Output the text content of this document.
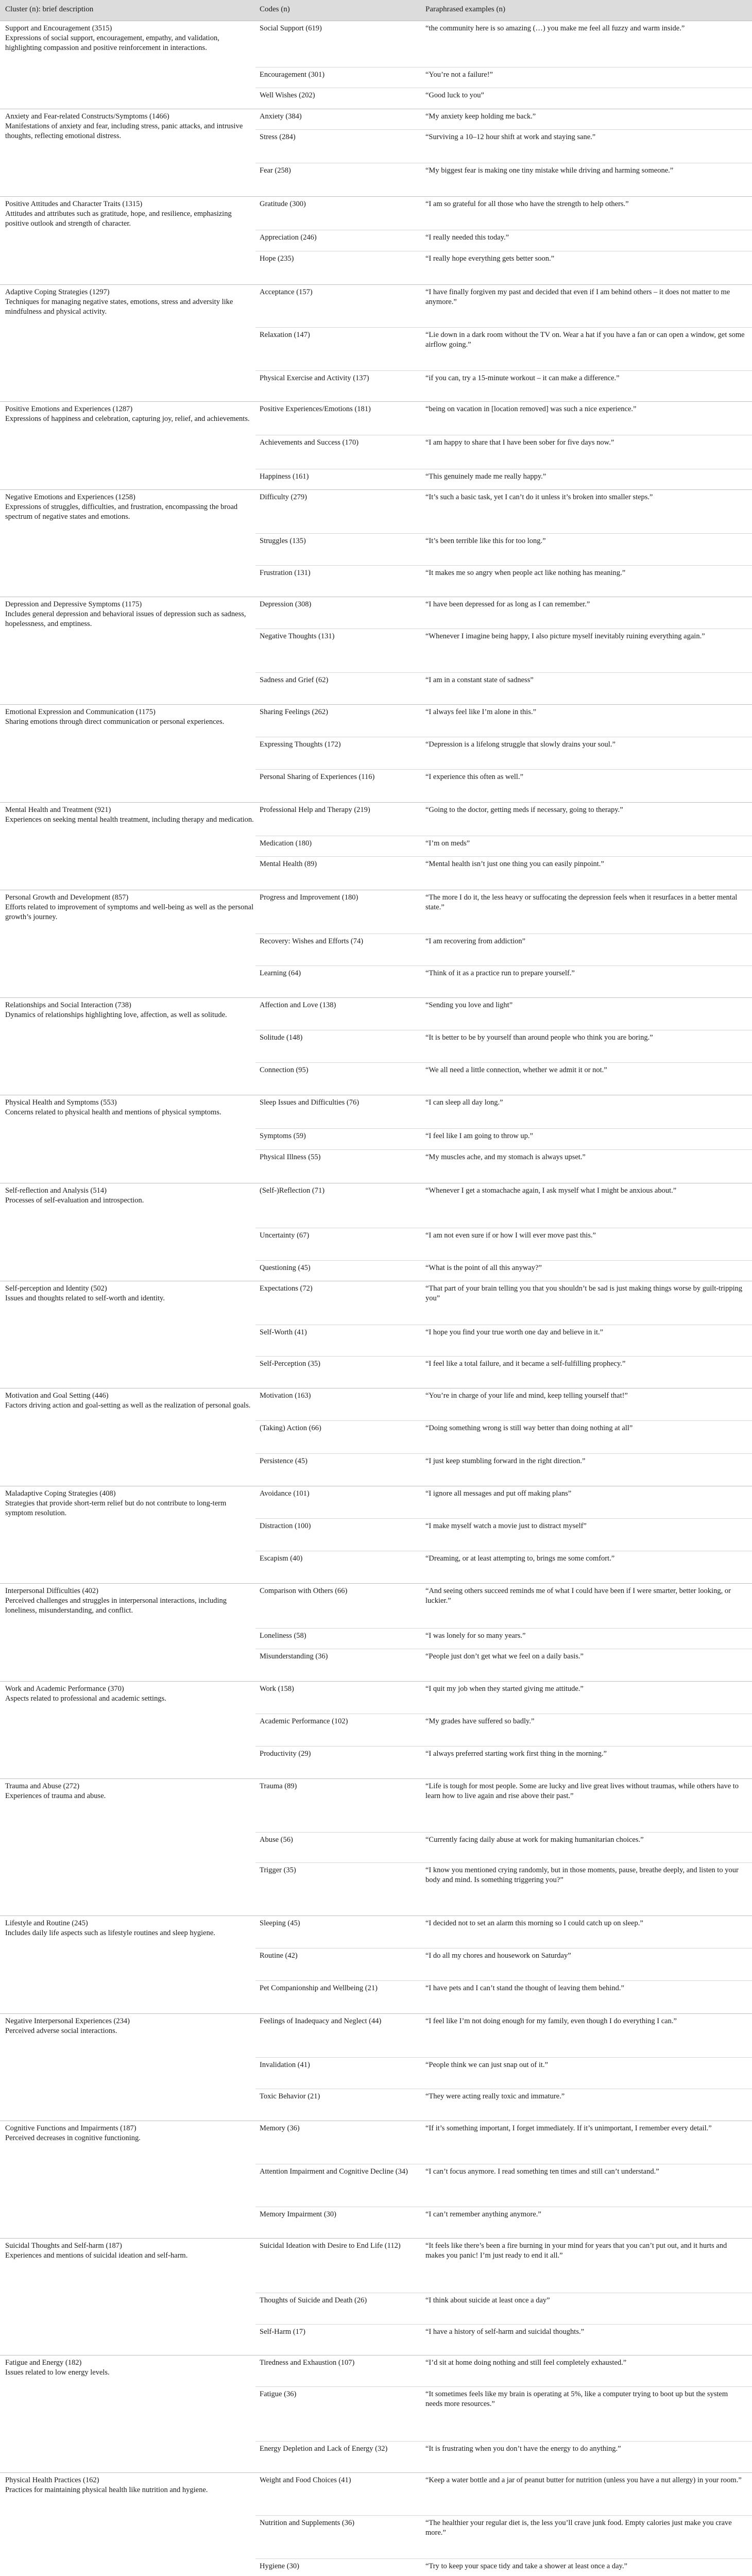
Cluster (n): brief description	Codes (n)	Paraphrased examples (n)
Support and Encouragement (3515)
Expressions of social support, encouragement, empathy, and validation, highlighting compassion and positive reinforcement in interactions.
Social Support (619)	“the community here is so amazing (…) you make me feel all fuzzy and warm inside.”
Encouragement (301)	“You’re not a failure!”
Well Wishes (202)	“Good luck to you”
Anxiety and Fear-related Constructs/Symptoms (1466)
Manifestations of anxiety and fear, including stress, panic attacks, and intrusive thoughts, reflecting emotional distress.
Anxiety (384)	“My anxiety keep holding me back.”
Stress (284)	“Surviving a 10–12 hour shift at work and staying sane.”
Fear (258)	“My biggest fear is making one tiny mistake while driving and harming someone.”
Positive Attitudes and Character Traits (1315)
Attitudes and attributes such as gratitude, hope, and resilience, emphasizing positive outlook and strength of character.
Gratitude (300)	“I am so grateful for all those who have the strength to help others.”
Appreciation (246)	“I really needed this today.”
Hope (235)	“I really hope everything gets better soon.”
Adaptive Coping Strategies (1297)
Techniques for managing negative states, emotions, stress and adversity like mindfulness and physical activity.
Acceptance (157)	“I have finally forgiven my past and decided that even if I am behind others – it does not matter to me anymore.”
Relaxation (147)	“Lie down in a dark room without the TV on. Wear a hat if you have a fan or can open a window, get some airflow going.”
Physical Exercise and Activity (137)	“if you can, try a 15-minute workout – it can make a difference.”
Positive Emotions and Experiences (1287)
Expressions of happiness and celebration, capturing joy, relief, and achievements.
Positive Experiences/Emotions (181)	“being on vacation in [location removed] was such a nice experience.”
Achievements and Success (170)	“I am happy to share that I have been sober for five days now.”
Happiness (161)	“This genuinely made me really happy.”
Negative Emotions and Experiences (1258)
Expressions of struggles, difficulties, and frustration, encompassing the broad spectrum of negative states and emotions.
Difficulty (279)	“It’s such a basic task, yet I can’t do it unless it’s broken into smaller steps.”
Struggles (135)	“It’s been terrible like this for too long.”
Frustration (131)	“It makes me so angry when people act like nothing has meaning.”
Depression and Depressive Symptoms (1175)
Includes general depression and behavioral issues of depression such as sadness, hopelessness, and emptiness.
Depression (308)	“I have been depressed for as long as I can remember.”
Negative Thoughts (131)	“Whenever I imagine being happy, I also picture myself inevitably ruining everything again.”
Sadness and Grief (62)	“I am in a constant state of sadness”
Emotional Expression and Communication (1175)
Sharing emotions through direct communication or personal experiences.
Sharing Feelings (262)	“I always feel like I’m alone in this.”
Expressing Thoughts (172)	“Depression is a lifelong struggle that slowly drains your soul.”
Personal Sharing of Experiences (116)	“I experience this often as well.”
Mental Health and Treatment (921)
Experiences on seeking mental health treatment, including therapy and medication.
Professional Help and Therapy (219)	“Going to the doctor, getting meds if necessary, going to therapy.”
Medication (180)	“I’m on meds”
Mental Health (89)	“Mental health isn’t just one thing you can easily pinpoint.”
Personal Growth and Development (857)
Efforts related to improvement of symptoms and well-being as well as the personal growth’s journey.
Progress and Improvement (180)	“The more I do it, the less heavy or suffocating the depression feels when it resurfaces in a better mental state.”
Recovery: Wishes and Efforts (74)	“I am recovering from addiction”
Learning (64)	“Think of it as a practice run to prepare yourself.”
Relationships and Social Interaction (738)
Dynamics of relationships highlighting love, affection, as well as solitude.
Affection and Love (138)	“Sending you love and light”
Solitude (148)	“It is better to be by yourself than around people who think you are boring.”
Connection (95)	“We all need a little connection, whether we admit it or not.”
Physical Health and Symptoms (553)
Concerns related to physical health and mentions of physical symptoms.
Sleep Issues and Difficulties (76)	“I can sleep all day long.”
Symptoms (59)	“I feel like I am going to throw up.”
Physical Illness (55)	“My muscles ache, and my stomach is always upset.”
Self-reflection and Analysis (514)
Processes of self-evaluation and introspection.
(Self-)Reflection (71)	“Whenever I get a stomachache again, I ask myself what I might be anxious about.”
Uncertainty (67)	“I am not even sure if or how I will ever move past this.”
Questioning (45)	“What is the point of all this anyway?”
Self-perception and Identity (502)
Issues and thoughts related to self-worth and identity.
Expectations (72)	“That part of your brain telling you that you shouldn’t be sad is just making things worse by guilt-tripping you”
Self-Worth (41)	“I hope you find your true worth one day and believe in it.”
Self-Perception (35)	“I feel like a total failure, and it became a self-fulfilling prophecy.”
Motivation and Goal Setting (446)
Factors driving action and goal-setting as well as the realization of personal goals.
Motivation (163)	“You’re in charge of your life and mind, keep telling yourself that!”
(Taking) Action (66)	“Doing something wrong is still way better than doing nothing at all”
Persistence (45)	“I just keep stumbling forward in the right direction.”
Maladaptive Coping Strategies (408)
Strategies that provide short-term relief but do not contribute to long-term symptom resolution.
Avoidance (101)	“I ignore all messages and put off making plans”
Distraction (100)	“I make myself watch a movie just to distract myself”
Escapism (40)	“Dreaming, or at least attempting to, brings me some comfort.”
Interpersonal Difficulties (402)
Perceived challenges and struggles in interpersonal interactions, including loneliness, misunderstanding, and conflict.
Comparison with Others (66)	“And seeing others succeed reminds me of what I could have been if I were smarter, better looking, or luckier.”
Loneliness (58)	“I was lonely for so many years.”
Misunderstanding (36)	“People just don’t get what we feel on a daily basis.”
Work and Academic Performance (370)
Aspects related to professional and academic settings.
Work (158)	“I quit my job when they started giving me attitude.”
Academic Performance (102)	“My grades have suffered so badly.”
Productivity (29)	“I always preferred starting work first thing in the morning.”
Trauma and Abuse (272)
Experiences of trauma and abuse.
Trauma (89)	“Life is tough for most people. Some are lucky and live great lives without traumas, while others have to learn how to live again and rise above their past.”
Abuse (56)	“Currently facing daily abuse at work for making humanitarian choices.”
Trigger (35)	“I know you mentioned crying randomly, but in those moments, pause, breathe deeply, and listen to your body and mind. Is something triggering you?”
Lifestyle and Routine (245)
Includes daily life aspects such as lifestyle routines and sleep hygiene.
Sleeping (45)	“I decided not to set an alarm this morning so I could catch up on sleep.”
Routine (42)	“I do all my chores and housework on Saturday”
Pet Companionship and Wellbeing (21)	“I have pets and I can’t stand the thought of leaving them behind.”
Negative Interpersonal Experiences (234)
Perceived adverse social interactions.
Feelings of Inadequacy and Neglect (44)	“I feel like I’m not doing enough for my family, even though I do everything I can.”
Invalidation (41)	“People think we can just snap out of it.”
Toxic Behavior (21)	“They were acting really toxic and immature.”
Cognitive Functions and Impairments (187)
Perceived decreases in cognitive functioning.
Memory (36)	“If it’s something important, I forget immediately. If it’s unimportant, I remember every detail.”
Attention Impairment and Cognitive Decline (34)	“I can’t focus anymore. I read something ten times and still can’t understand.”
Memory Impairment (30)	“I can’t remember anything anymore.”
Suicidal Thoughts and Self-harm (187)
Experiences and mentions of suicidal ideation and self-harm.
Suicidal Ideation with Desire to End Life (112)	“It feels like there’s been a fire burning in your mind for years that you can’t put out, and it hurts and makes you panic! I’m just ready to end it all.”
Thoughts of Suicide and Death (26)	“I think about suicide at least once a day”
Self-Harm (17)	“I have a history of self-harm and suicidal thoughts.”
Fatigue and Energy (182)
Issues related to low energy levels.
Tiredness and Exhaustion (107)	“I’d sit at home doing nothing and still feel completely exhausted.”
Fatigue (36)	“It sometimes feels like my brain is operating at 5%, like a computer trying to boot up but the system needs more resources.”
Energy Depletion and Lack of Energy (32)	“It is frustrating when you don’t have the energy to do anything.”
Physical Health Practices (162)
Practices for maintaining physical health like nutrition and hygiene.
Weight and Food Choices (41)	“Keep a water bottle and a jar of peanut butter for nutrition (unless you have a nut allergy) in your room.”
Nutrition and Supplements (36)	“The healthier your regular diet is, the less you’ll crave junk food. Empty calories just make you crave more.”
Hygiene (30)	“Try to keep your space tidy and take a shower at least once a day.”
